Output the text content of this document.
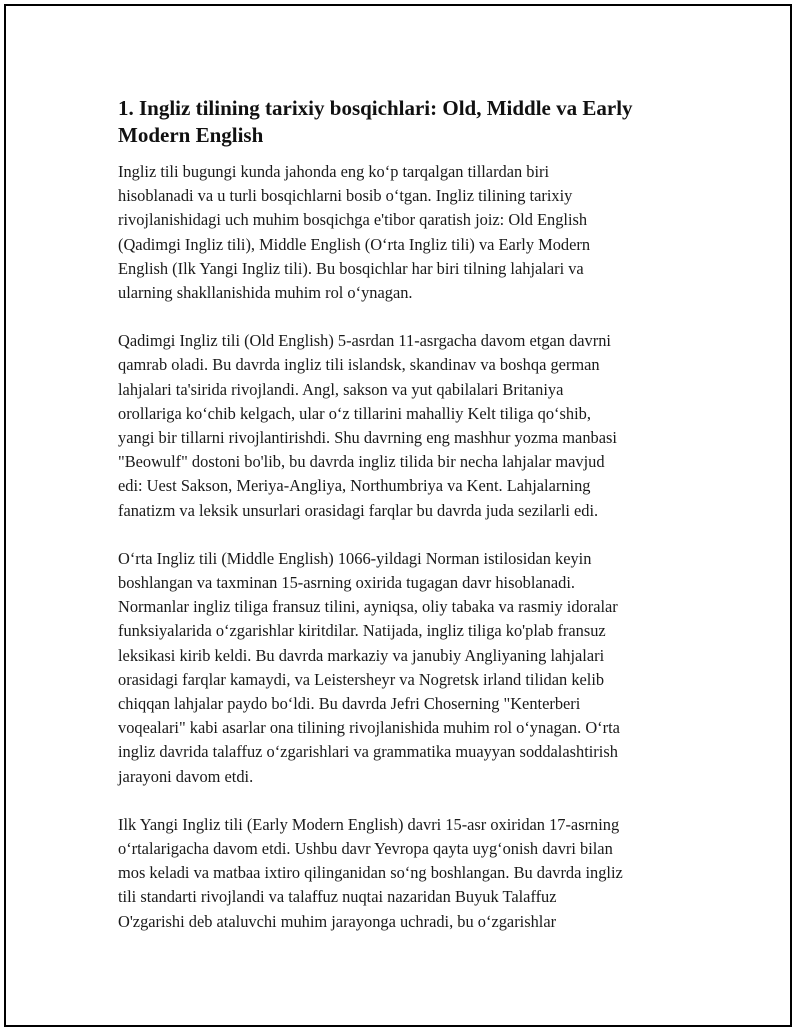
1. Ingliz tilining tarixiy bosqichlari: Old, Middle va Early
Modern English

Ingliz tili bugungi kunda jahonda eng ko‘p tarqalgan tillardan biri
hisoblanadi va u turli bosqichlarni bosib o‘tgan. Ingliz tilining tarixiy
rivojlanishidagi uch muhim bosqichga e'tibor qaratish joiz: Old English
(Qadimgi Ingliz tili), Middle English (O‘rta Ingliz tili) va Early Modern
English (Ilk Yangi Ingliz tili). Bu bosqichlar har biri tilning lahjalari va
ularning shakllanishida muhim rol o‘ynagan.

Qadimgi Ingliz tili (Old English) 5-asrdan 11-asrgacha davom etgan davrni
qamrab oladi. Bu davrda ingliz tili islandsk, skandinav va boshqa german
lahjalari ta'sirida rivojlandi. Angl, sakson va yut qabilalari Britaniya
orollariga ko‘chib kelgach, ular o‘z tillarini mahalliy Kelt tiliga qo‘shib,
yangi bir tillarni rivojlantirishdi. Shu davrning eng mashhur yozma manbasi
"Beowulf" dostoni bo'lib, bu davrda ingliz tilida bir necha lahjalar mavjud
edi: Uest Sakson, Meriya-Angliya, Northumbriya va Kent. Lahjalarning
fanatizm va leksik unsurlari orasidagi farqlar bu davrda juda sezilarli edi.

O‘rta Ingliz tili (Middle English) 1066-yildagi Norman istilosidan keyin
boshlangan va taxminan 15-asrning oxirida tugagan davr hisoblanadi.
Normanlar ingliz tiliga fransuz tilini, ayniqsa, oliy tabaka va rasmiy idoralar
funksiyalarida o‘zgarishlar kiritdilar. Natijada, ingliz tiliga ko'plab fransuz
leksikasi kirib keldi. Bu davrda markaziy va janubiy Angliyaning lahjalari
orasidagi farqlar kamaydi, va Leistersheyr va Nogretsk irland tilidan kelib
chiqqan lahjalar paydo bo‘ldi. Bu davrda Jefri Choserning "Kenterberi
voqealari" kabi asarlar ona tilining rivojlanishida muhim rol o‘ynagan. O‘rta
ingliz davrida talaffuz o‘zgarishlari va grammatika muayyan soddalashtirish
jarayoni davom etdi.

Ilk Yangi Ingliz tili (Early Modern English) davri 15-asr oxiridan 17-asrning
o‘rtalarigacha davom etdi. Ushbu davr Yevropa qayta uyg‘onish davri bilan
mos keladi va matbaa ixtiro qilinganidan so‘ng boshlangan. Bu davrda ingliz
tili standarti rivojlandi va talaffuz nuqtai nazaridan Buyuk Talaffuz
O'zgarishi deb ataluvchi muhim jarayonga uchradi, bu o‘zgarishlar
